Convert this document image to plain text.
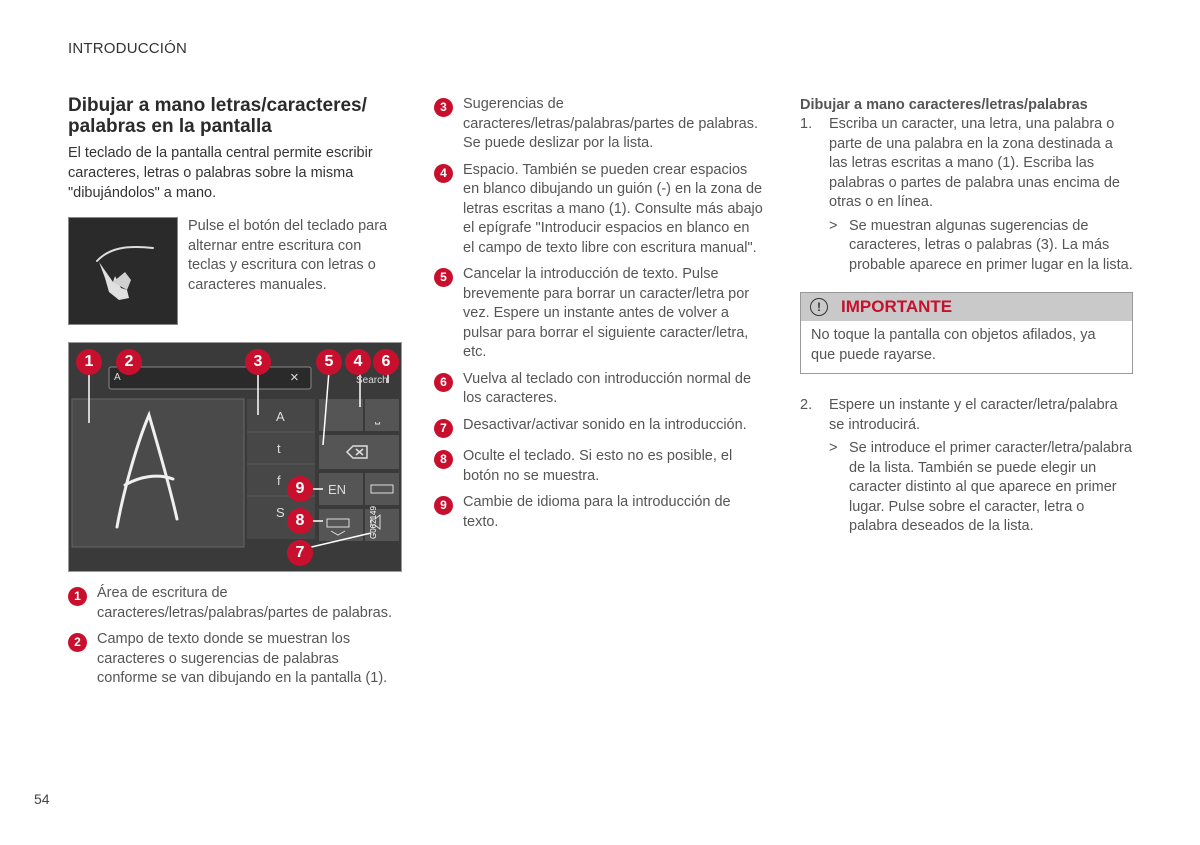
INTRODUCCIÓN
Dibujar a mano letras/caracteres/ palabras en la pantalla

El teclado de la pantalla central permite escribir caracteres, letras o palabras sobre la misma "dibujándolos" a mano.

Pulse el botón del teclado para alternar entre escritura con teclas y escritura con letras o caracteres manuales.

A	×	Search
A
t
f
S
⎵
EN
G062149
1	2	3	5	4	6
9
8
7
1	Área de escritura de caracteres/letras/palabras/partes de palabras.
2	Campo de texto donde se muestran los caracteres o sugerencias de palabras conforme se van dibujando en la pantalla (1).
3	Sugerencias de caracteres/letras/palabras/partes de palabras. Se puede deslizar por la lista.
4	Espacio. También se pueden crear espacios en blanco dibujando un guión (-) en la zona de letras escritas a mano (1). Consulte más abajo el epígrafe "Introducir espacios en blanco en el campo de texto libre con escritura manual".
5	Cancelar la introducción de texto. Pulse brevemente para borrar un caracter/letra por vez. Espere un instante antes de volver a pulsar para borrar el siguiente caracter/letra, etc.
6	Vuelva al teclado con introducción normal de los caracteres.
7	Desactivar/activar sonido en la introducción.
8	Oculte el teclado. Si esto no es posible, el botón no se muestra.
9	Cambie de idioma para la introducción de texto.
Dibujar a mano caracteres/letras/palabras
1. Escriba un caracter, una letra, una palabra o parte de una palabra en la zona destinada a las letras escritas a mano (1). Escriba las palabras o partes de palabra unas encima de otras o en línea.
> Se muestran algunas sugerencias de caracteres, letras o palabras (3). La más probable aparece en primer lugar en la lista.
!	IMPORTANTE
No toque la pantalla con objetos afilados, ya que puede rayarse.
2. Espere un instante y el caracter/letra/palabra se introducirá.
> Se introduce el primer caracter/letra/palabra de la lista. También se puede elegir un caracter distinto al que aparece en primer lugar. Pulse sobre el caracter, letra o palabra deseados de la lista.
54
